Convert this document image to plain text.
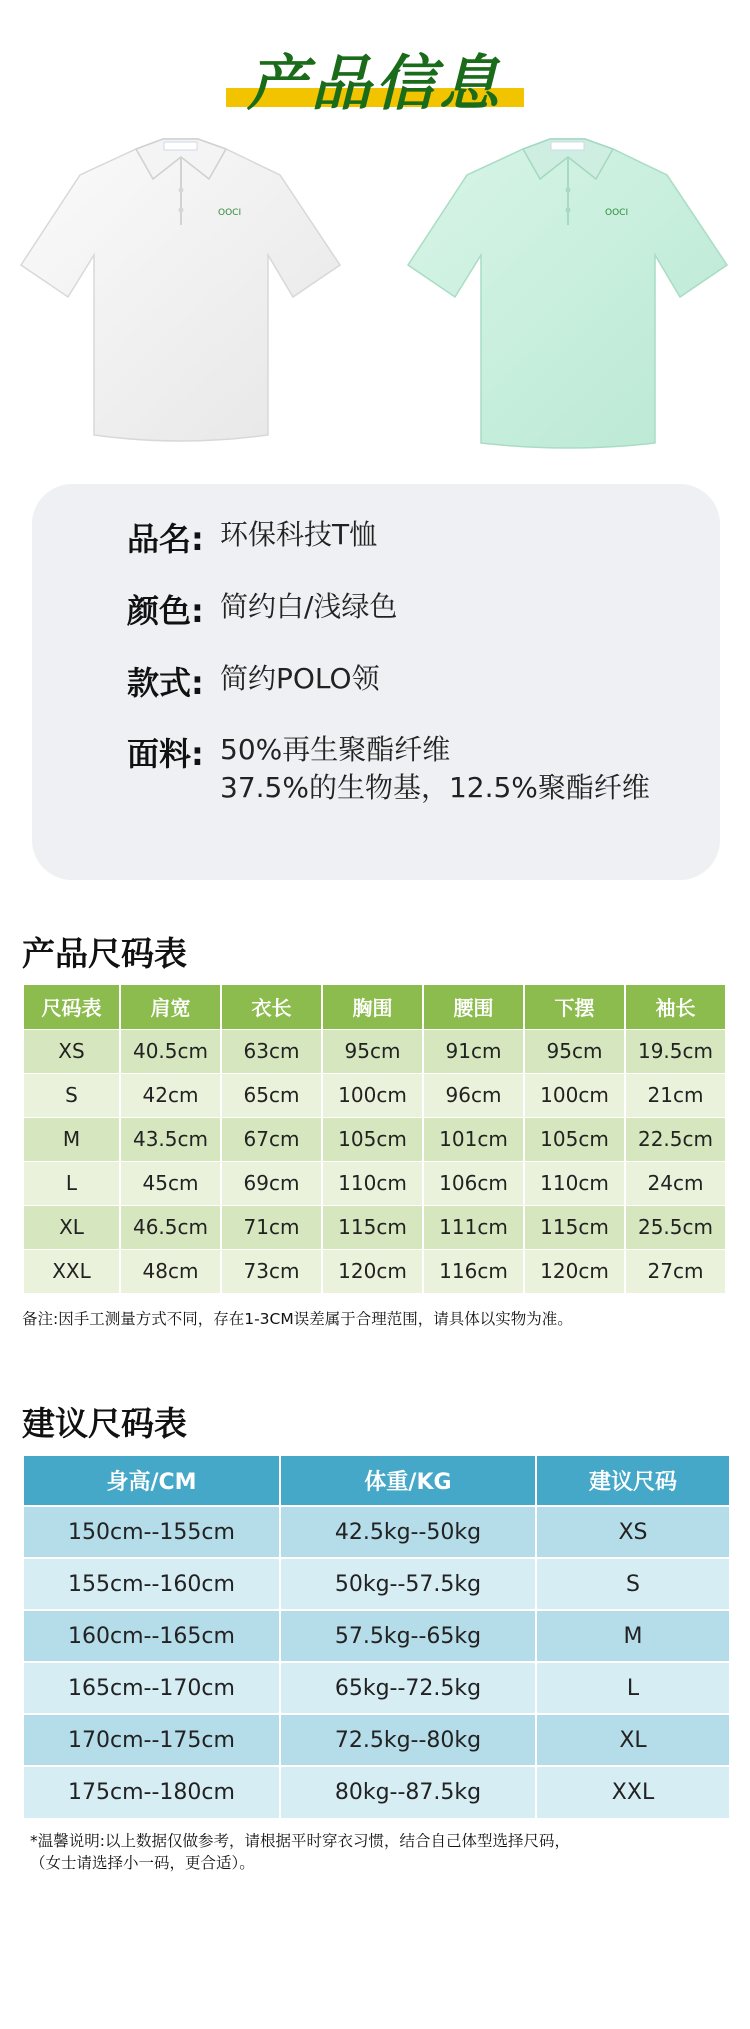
产品信息
OOCI	OOCI
品名: 环保科技T恤
颜色: 简约白/浅绿色
款式: 简约POLO领
面料: 50%再生聚酯纤维
37.5%的生物基，12.5%聚酯纤维
产品尺码表
尺码表	肩宽	衣长	胸围	腰围	下摆	袖长
XS	40.5cm	63cm	95cm	91cm	95cm	19.5cm
S	42cm	65cm	100cm	96cm	100cm	21cm
M	43.5cm	67cm	105cm	101cm	105cm	22.5cm
L	45cm	69cm	110cm	106cm	110cm	24cm
XL	46.5cm	71cm	115cm	111cm	115cm	25.5cm
XXL	48cm	73cm	120cm	116cm	120cm	27cm
备注:因手工测量方式不同，存在1-3CM误差属于合理范围，请具体以实物为准。
建议尺码表
身高/CM	体重/KG	建议尺码
150cm--155cm	42.5kg--50kg	XS
155cm--160cm	50kg--57.5kg	S
160cm--165cm	57.5kg--65kg	M
165cm--170cm	65kg--72.5kg	L
170cm--175cm	72.5kg--80kg	XL
175cm--180cm	80kg--87.5kg	XXL
*温馨说明:以上数据仅做参考，请根据平时穿衣习惯，结合自己体型选择尺码，
（女士请选择小一码，更合适）。
